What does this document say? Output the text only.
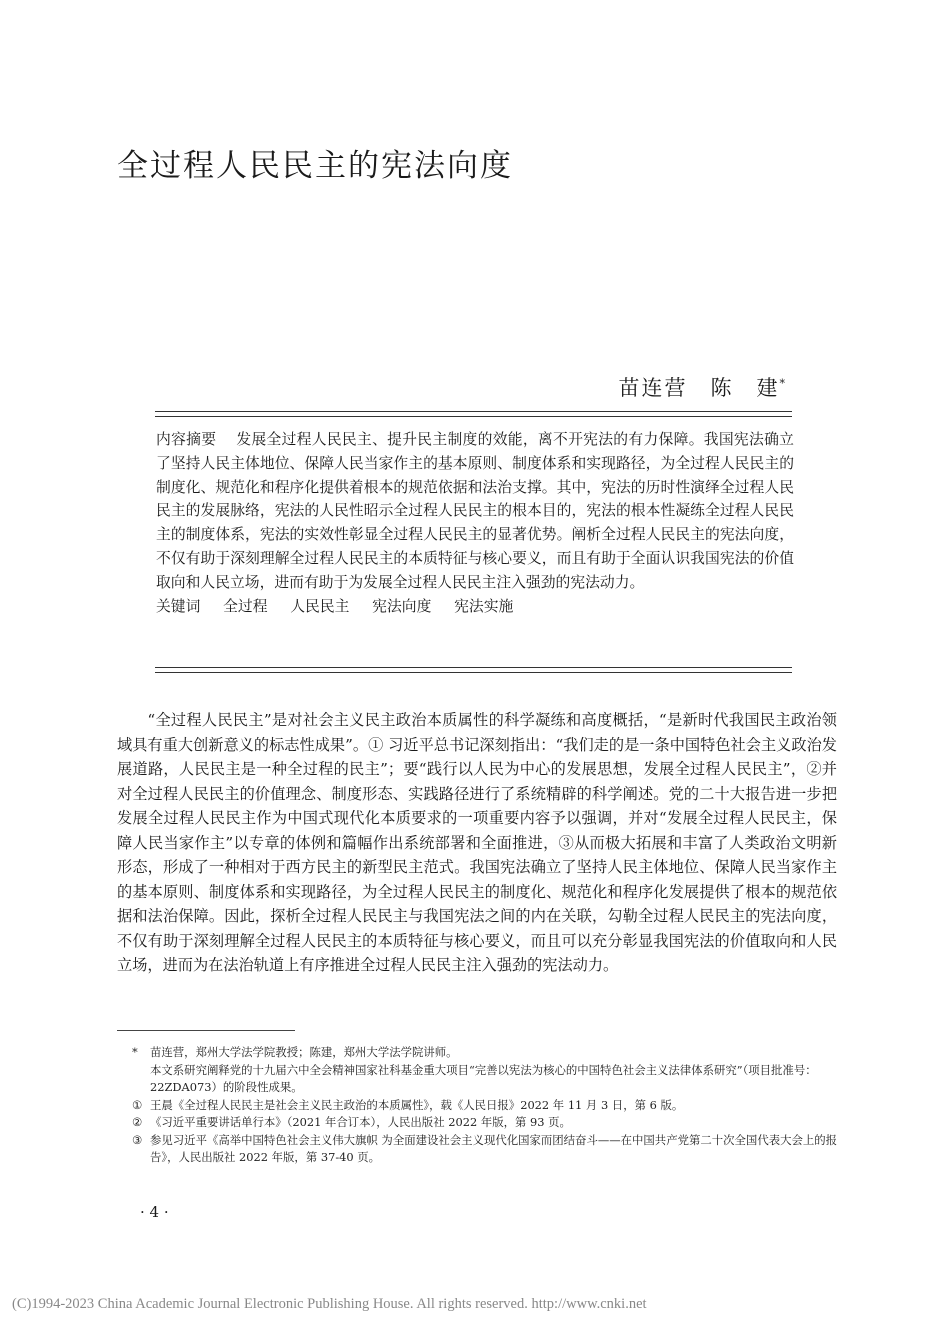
全过程人民民主的宪法向度
苗连营　陈　建*

内容摘要　 发展全过程人民民主、提升民主制度的效能，离不开宪法的有力保障。我国宪法确立了坚持人民主体地位、保障人民当家作主的基本原则、制度体系和实现路径，为全过程人民民主的制度化、规范化和程序化提供着根本的规范依据和法治支撑。其中，宪法的历时性演绎全过程人民民主的发展脉络，宪法的人民性昭示全过程人民民主的根本目的，宪法的根本性凝练全过程人民民主的制度体系，宪法的实效性彰显全过程人民民主的显著优势。阐析全过程人民民主的宪法向度，不仅有助于深刻理解全过程人民民主的本质特征与核心要义，而且有助于全面认识我国宪法的价值取向和人民立场，进而有助于为发展全过程人民民主注入强劲的宪法动力。

关键词 全过程 人民民主 宪法向度 宪法实施

“全过程人民民主”是对社会主义民主政治本质属性的科学凝练和高度概括，“是新时代我国民主政治领域具有重大创新意义的标志性成果”。① 习近平总书记深刻指出：“我们走的是一条中国特色社会主义政治发展道路，人民民主是一种全过程的民主”；要“践行以人民为中心的发展思想，发展全过程人民民主”，②并对全过程人民民主的价值理念、制度形态、实践路径进行了系统精辟的科学阐述。党的二十大报告进一步把发展全过程人民民主作为中国式现代化本质要求的一项重要内容予以强调，并对“发展全过程人民民主，保障人民当家作主”以专章的体例和篇幅作出系统部署和全面推进，③从而极大拓展和丰富了人类政治文明新形态，形成了一种相对于西方民主的新型民主范式。我国宪法确立了坚持人民主体地位、保障人民当家作主的基本原则、制度体系和实现路径，为全过程人民民主的制度化、规范化和程序化发展提供了根本的规范依据和法治保障。因此，探析全过程人民民主与我国宪法之间的内在关联，勾勒全过程人民民主的宪法向度，不仅有助于深刻理解全过程人民民主的本质特征与核心要义，而且可以充分彰显我国宪法的价值取向和人民立场，进而为在法治轨道上有序推进全过程人民民主注入强劲的宪法动力。

*	苗连营，郑州大学法学院教授；陈建，郑州大学法学院讲师。
本文系研究阐释党的十九届六中全会精神国家社科基金重大项目“完善以宪法为核心的中国特色社会主义法律体系研究”（项目批准号：22ZDA073）的阶段性成果。
① 王晨《全过程人民民主是社会主义民主政治的本质属性》，载《人民日报》2022 年 11 月 3 日，第 6 版。
② 《习近平重要讲话单行本》（2021 年合订本），人民出版社 2022 年版，第 93 页。
③ 参见习近平《高举中国特色社会主义伟大旗帜 为全面建设社会主义现代化国家而团结奋斗——在中国共产党第二十次全国代表大会上的报告》，人民出版社 2022 年版，第 37-40 页。
· 4 ·
(C)1994-2023 China Academic Journal Electronic Publishing House. All rights reserved. http://www.cnki.net
